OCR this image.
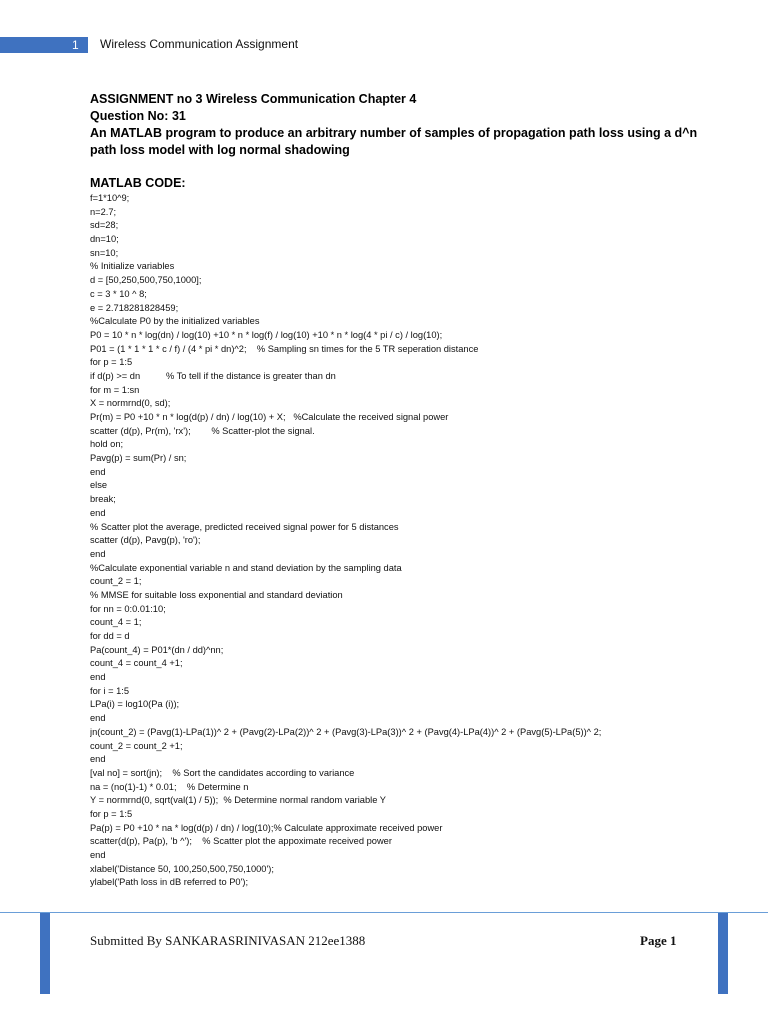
1 Wireless Communication Assignment
ASSIGNMENT no 3 Wireless Communication Chapter 4
Question No: 31
An MATLAB program to produce an arbitrary number of samples of propagation path loss using a d^n
path loss model with log normal shadowing
MATLAB CODE:
f=1*10^9;
n=2.7;
sd=28;
dn=10;
sn=10;
% Initialize variables
d = [50,250,500,750,1000];
c = 3 * 10 ^ 8;
e = 2.718281828459;
%Calculate P0 by the initialized variables
P0 = 10 * n * log(dn) / log(10) +10 * n * log(f) / log(10) +10 * n * log(4 * pi / c) / log(10);
P01 = (1 * 1 * 1 * c / f) / (4 * pi * dn)^2;    % Sampling sn times for the 5 TR seperation distance
for p = 1:5
if d(p) >= dn          % To tell if the distance is greater than dn
for m = 1:sn
X = normrnd(0, sd);
Pr(m) = P0 +10 * n * log(d(p) / dn) / log(10) + X;   %Calculate the received signal power
scatter (d(p), Pr(m), 'rx');        % Scatter-plot the signal.
hold on;
Pavg(p) = sum(Pr) / sn;
end
else
break;
end
% Scatter plot the average, predicted received signal power for 5 distances
scatter (d(p), Pavg(p), 'ro');
end
%Calculate exponential variable n and stand deviation by the sampling data
count_2 = 1;
% MMSE for suitable loss exponential and standard deviation
for nn = 0:0.01:10;
count_4 = 1;
for dd = d
Pa(count_4) = P01*(dn / dd)^nn;
count_4 = count_4 +1;
end
for i = 1:5
LPa(i) = log10(Pa (i));
end
jn(count_2) = (Pavg(1)-LPa(1))^ 2 + (Pavg(2)-LPa(2))^ 2 + (Pavg(3)-LPa(3))^ 2 + (Pavg(4)-LPa(4))^ 2 + (Pavg(5)-LPa(5))^ 2;
count_2 = count_2 +1;
end
[val no] = sort(jn);    % Sort the candidates according to variance
na = (no(1)-1) * 0.01;    % Determine n
Y = normrnd(0, sqrt(val(1) / 5));  % Determine normal random variable Y
for p = 1:5
Pa(p) = P0 +10 * na * log(d(p) / dn) / log(10);% Calculate approximate received power
scatter(d(p), Pa(p), 'b ^');    % Scatter plot the appoximate received power
end
xlabel('Distance 50, 100,250,500,750,1000');
ylabel('Path loss in dB referred to P0');
Submitted By SANKARASRINIVASAN 212ee1388	Page 1
